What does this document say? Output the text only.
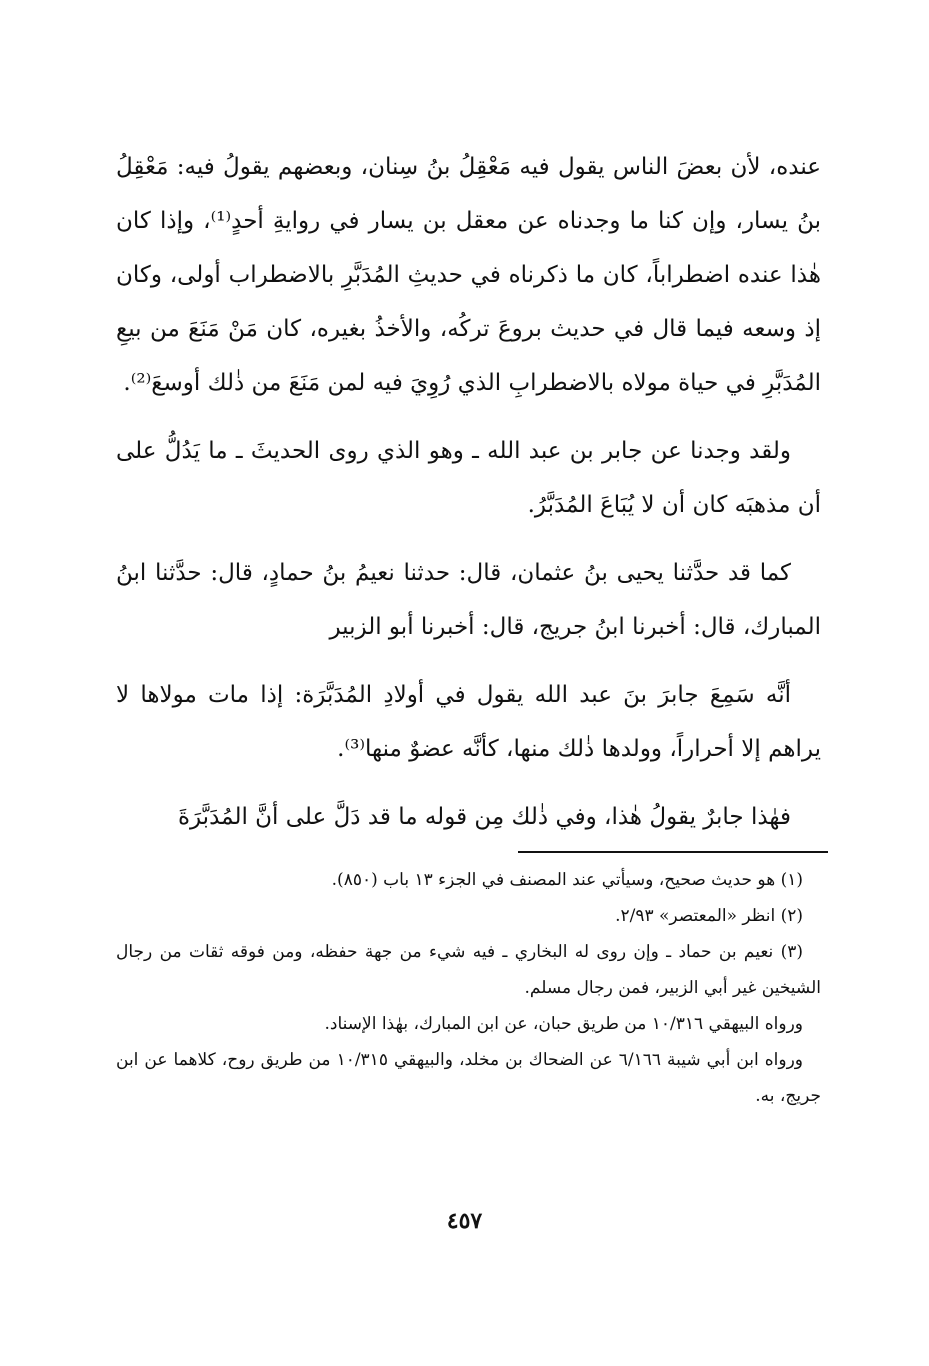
عنده، لأن بعضَ الناس يقول فيه مَعْقِلُ بنُ سِنان، وبعضهم يقولُ فيه: مَعْقِلُ بنُ يسار، وإن كنا ما وجدناه عن معقل بن يسار في روايةِ أحدٍ⁽¹⁾، وإذا كان هٰذا عنده اضطراباً، كان ما ذكرناه في حديثِ المُدَبَّرِ بالاضطراب أولى، وكان إذ وسعه فيما قال في حديث بروعَ تركُه، والأخذُ بغيره، كان مَنْ مَنَعَ من بيعِ المُدَبَّرِ في حياة مولاه بالاضطرابِ الذي رُوِيَ فيه لمن مَنَعَ من ذٰلك أوسعَ⁽²⁾.

ولقد وجدنا عن جابر بن عبد الله ـ وهو الذي روى الحديثَ ـ ما يَدُلُّ على أن مذهبَه كان أن لا يُبَاعَ المُدَبَّرُ.

كما قد حدَّثنا يحيى بنُ عثمان، قال: حدثنا نعيمُ بنُ حمادٍ، قال: حدَّثنا ابنُ المبارك، قال: أخبرنا ابنُ جريج، قال: أخبرنا أبو الزبير

أنَّه سَمِعَ جابرَ بنَ عبد الله يقول في أولادِ المُدَبَّرَة: إذا مات مولاها لا يراهم إلا أحراراً، وولدها ذٰلك منها، كأنَّه عضوٌ منها⁽³⁾.

فهٰذا جابرٌ يقولُ هٰذا، وفي ذٰلك مِن قوله ما قد دَلَّ على أنَّ المُدَبَّرَةَ

(١) هو حديث صحيح، وسيأتي عند المصنف في الجزء ١٣ باب (٨٥٠).

(٢) انظر «المعتصر» ٢/٩٣.

(٣) نعيم بن حماد ـ وإن روى له البخاري ـ فيه شيء من جهة حفظه، ومن فوقه ثقات من رجال الشيخين غير أبي الزبير، فمن رجال مسلم.

ورواه البيهقي ١٠/٣١٦ من طريق حبان، عن ابن المبارك، بهٰذا الإسناد.

ورواه ابن أبي شيبة ٦/١٦٦ عن الضحاك بن مخلد، والبيهقي ١٠/٣١٥ من طريق روح، كلاهما عن ابن جريج، به.

٤٥٧
